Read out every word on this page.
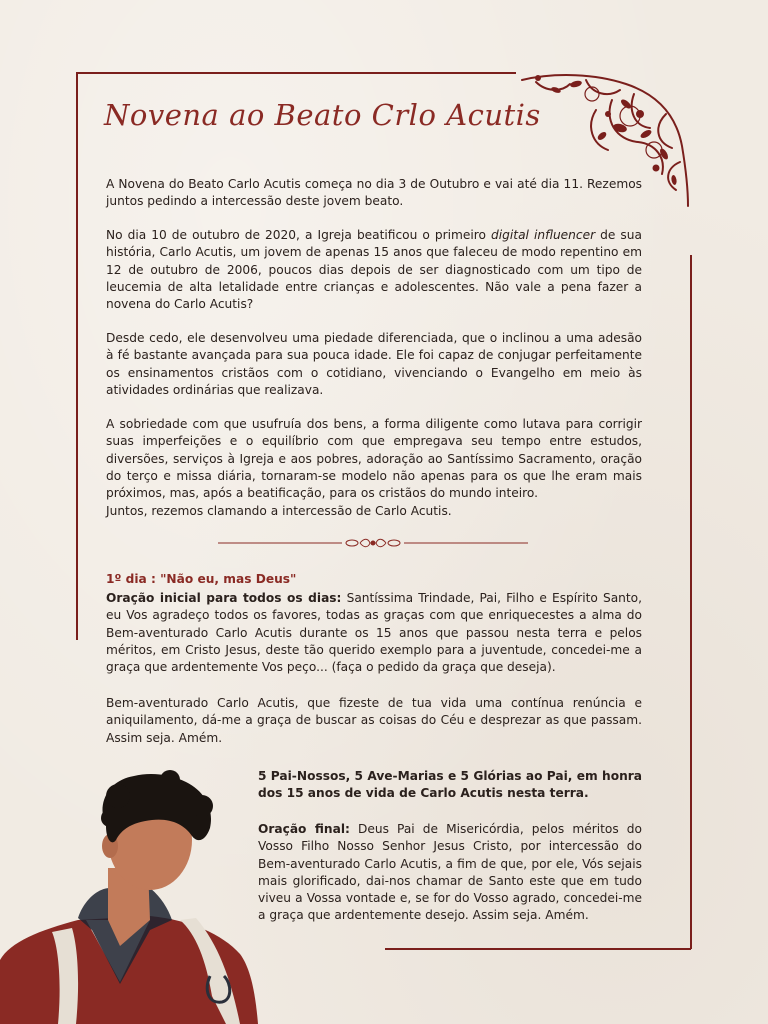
Novena ao Beato Crlo Acutis

A Novena do Beato Carlo Acutis começa no dia 3 de Outubro e vai até dia 11. Rezemos juntos pedindo a intercessão deste jovem beato.

No dia 10 de outubro de 2020, a Igreja beatificou o primeiro digital influencer de sua história, Carlo Acutis, um jovem de apenas 15 anos que faleceu de modo repentino em 12 de outubro de 2006, poucos dias depois de ser diagnosticado com um tipo de leucemia de alta letalidade entre crianças e adolescentes. Não vale a pena fazer a novena do Carlo Acutis?

Desde cedo, ele desenvolveu uma piedade diferenciada, que o inclinou a uma adesão à fé bastante avançada para sua pouca idade. Ele foi capaz de conjugar perfeitamente os ensinamentos cristãos com o cotidiano, vivenciando o Evangelho em meio às atividades ordinárias que realizava.

A sobriedade com que usufruía dos bens, a forma diligente como lutava para corrigir suas imperfeições e o equilíbrio com que empregava seu tempo entre estudos, diversões, serviços à Igreja e aos pobres, adoração ao Santíssimo Sacramento, oração do terço e missa diária, tornaram-se modelo não apenas para os que lhe eram mais próximos, mas, após a beatificação, para os cristãos do mundo inteiro.

Juntos, rezemos clamando a intercessão de Carlo Acutis.

1º dia : "Não eu, mas Deus"

Oração inicial para todos os dias: Santíssima Trindade, Pai, Filho e Espírito Santo, eu Vos agradeço todos os favores, todas as graças com que enriquecestes a alma do Bem-aventurado Carlo Acutis durante os 15 anos que passou nesta terra e pelos méritos, em Cristo Jesus, deste tão querido exemplo para a juventude, concedei-me a graça que ardentemente Vos peço... (faça o pedido da graça que deseja).

Bem-aventurado Carlo Acutis, que fizeste de tua vida uma contínua renúncia e aniquilamento, dá-me a graça de buscar as coisas do Céu e desprezar as que passam. Assim seja. Amém.

5 Pai-Nossos, 5 Ave-Marias e 5 Glórias ao Pai, em honra dos 15 anos de vida de Carlo Acutis nesta terra.

Oração final: Deus Pai de Misericórdia, pelos méritos do Vosso Filho Nosso Senhor Jesus Cristo, por intercessão do Bem-aventurado Carlo Acutis, a fim de que, por ele, Vós sejais mais glorificado, dai-nos chamar de Santo este que em tudo viveu a Vossa vontade e, se for do Vosso agrado, concedei-me a graça que ardentemente desejo. Assim seja. Amém.
